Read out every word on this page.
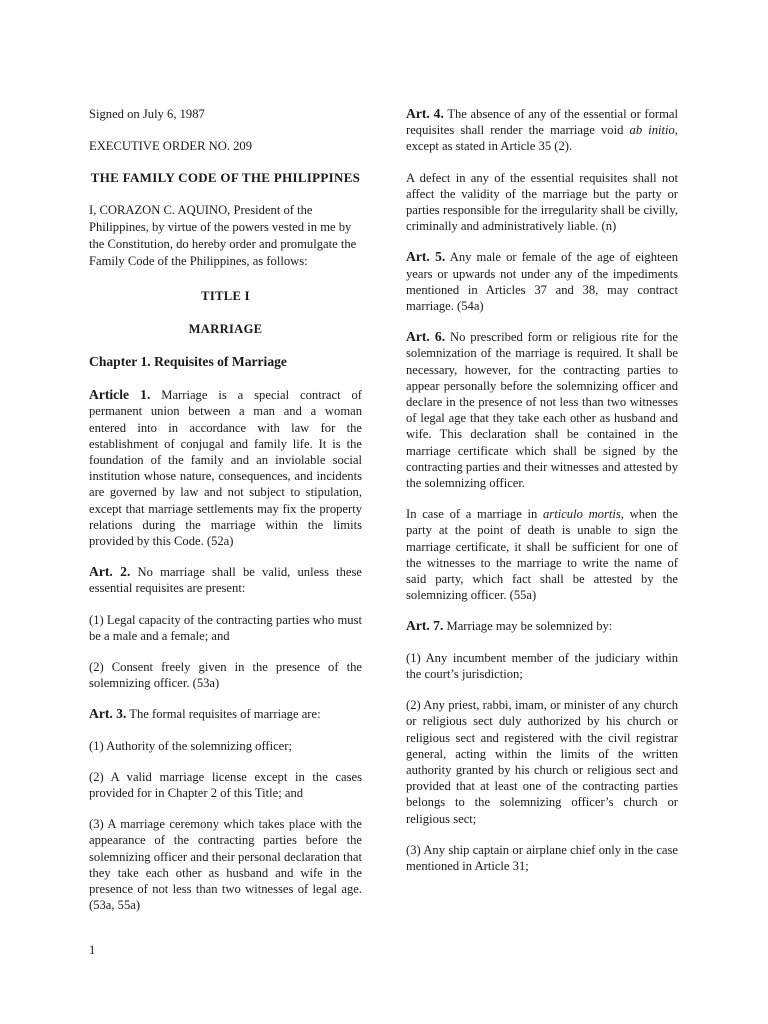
Signed on July 6, 1987

EXECUTIVE ORDER NO. 209

THE FAMILY CODE OF THE PHILIPPINES

I, CORAZON C. AQUINO, President of the Philippines, by virtue of the powers vested in me by the Constitution, do hereby order and promulgate the Family Code of the Philippines, as follows:

TITLE I

MARRIAGE

Chapter 1. Requisites of Marriage

Article 1. Marriage is a special contract of permanent union between a man and a woman entered into in accordance with law for the establishment of conjugal and family life. It is the foundation of the family and an inviolable social institution whose nature, consequences, and incidents are governed by law and not subject to stipulation, except that marriage settlements may fix the property relations during the marriage within the limits provided by this Code. (52a)

Art. 2. No marriage shall be valid, unless these essential requisites are present:

(1) Legal capacity of the contracting parties who must be a male and a female; and

(2) Consent freely given in the presence of the solemnizing officer. (53a)

Art. 3. The formal requisites of marriage are:

(1) Authority of the solemnizing officer;

(2) A valid marriage license except in the cases provided for in Chapter 2 of this Title; and

(3) A marriage ceremony which takes place with the appearance of the contracting parties before the solemnizing officer and their personal declaration that they take each other as husband and wife in the presence of not less than two witnesses of legal age. (53a, 55a)

Art. 4. The absence of any of the essential or formal requisites shall render the marriage void ab initio, except as stated in Article 35 (2).

A defect in any of the essential requisites shall not affect the validity of the marriage but the party or parties responsible for the irregularity shall be civilly, criminally and administratively liable. (n)

Art. 5. Any male or female of the age of eighteen years or upwards not under any of the impediments mentioned in Articles 37 and 38, may contract marriage. (54a)

Art. 6. No prescribed form or religious rite for the solemnization of the marriage is required. It shall be necessary, however, for the contracting parties to appear personally before the solemnizing officer and declare in the presence of not less than two witnesses of legal age that they take each other as husband and wife. This declaration shall be contained in the marriage certificate which shall be signed by the contracting parties and their witnesses and attested by the solemnizing officer.

In case of a marriage in articulo mortis, when the party at the point of death is unable to sign the marriage certificate, it shall be sufficient for one of the witnesses to the marriage to write the name of said party, which fact shall be attested by the solemnizing officer. (55a)

Art. 7. Marriage may be solemnized by:

(1) Any incumbent member of the judiciary within the court’s jurisdiction;

(2) Any priest, rabbi, imam, or minister of any church or religious sect duly authorized by his church or religious sect and registered with the civil registrar general, acting within the limits of the written authority granted by his church or religious sect and provided that at least one of the contracting parties belongs to the solemnizing officer’s church or religious sect;

(3) Any ship captain or airplane chief only in the case mentioned in Article 31;

1
